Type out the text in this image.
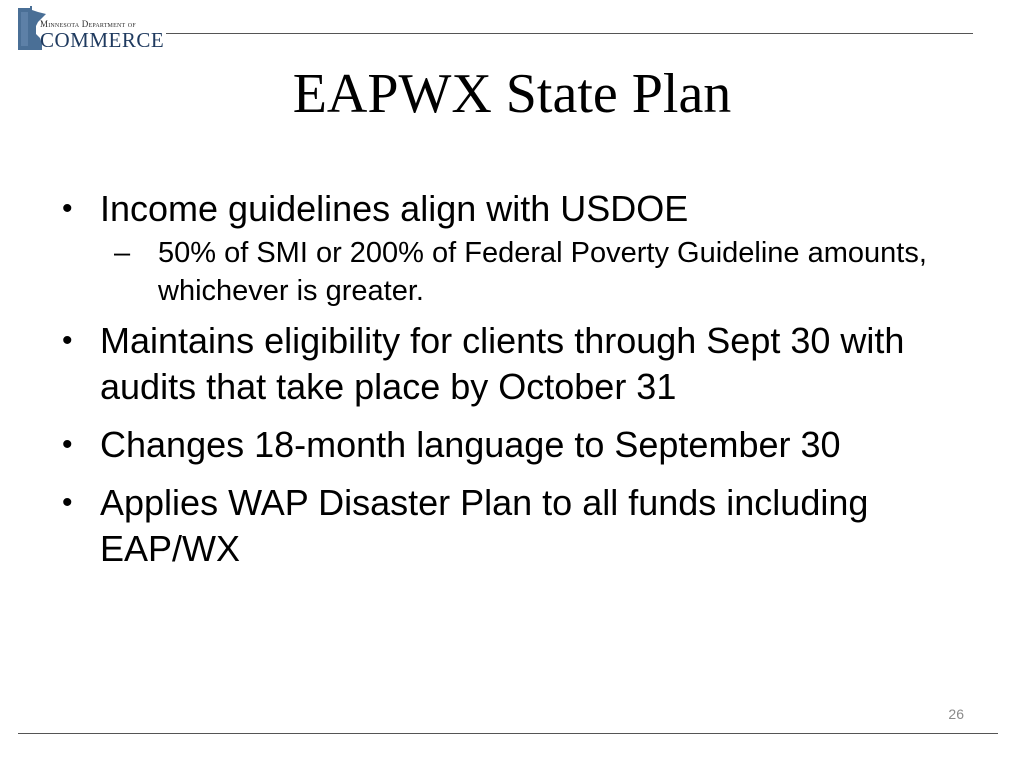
Minnesota Department of
COMMERCE
EAPWX State Plan
• Income guidelines align with USDOE
– 50% of SMI or 200% of Federal Poverty Guideline amounts, whichever is greater.
• Maintains eligibility for clients through Sept 30 with audits that take place by October 31
• Changes 18-month language to September 30
• Applies WAP Disaster Plan to all funds including EAP/WX
26
